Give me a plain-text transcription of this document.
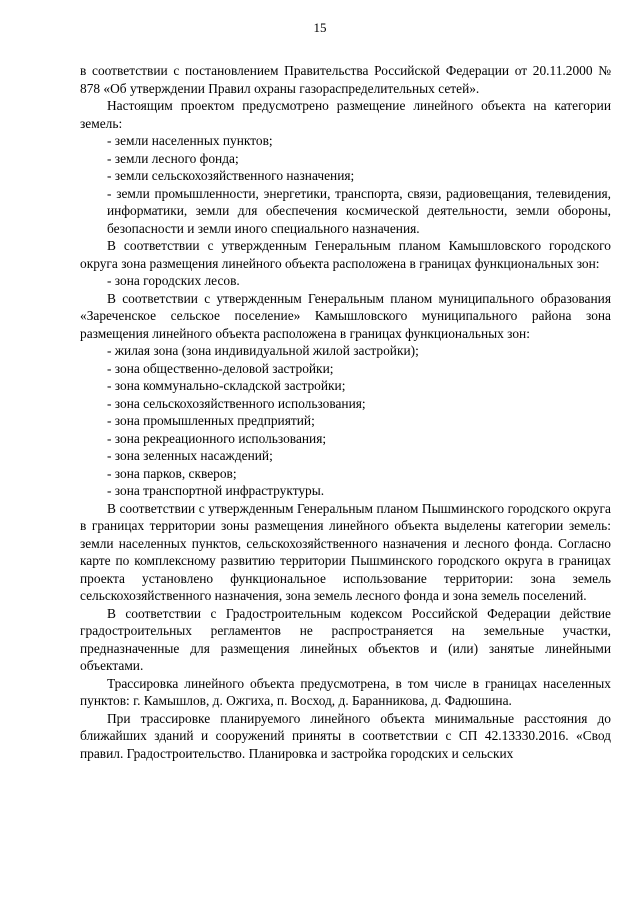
15

в соответствии с постановлением Правительства Российской Федерации от 20.11.2000 № 878 «Об утверждении Правил охраны газораспределительных сетей».

Настоящим проектом предусмотрено размещение линейного объекта на категории земель:

- земли населенных пунктов;
- земли лесного фонда;
- земли сельскохозяйственного назначения;
- земли промышленности, энергетики, транспорта, связи, радиовещания, телевидения, информатики, земли для обеспечения космической деятельности, земли обороны, безопасности и земли иного специального назначения.

В соответствии с утвержденным Генеральным планом Камышловского городского округа зона размещения линейного объекта расположена в границах функциональных зон:

- зона городских лесов.

В соответствии с утвержденным Генеральным планом муниципального образования «Зареченское сельское поселение» Камышловского муниципального района зона размещения линейного объекта расположена в границах функциональных зон:

- жилая зона (зона индивидуальной жилой застройки);
- зона общественно-деловой застройки;
- зона коммунально-складской застройки;
- зона сельскохозяйственного использования;
- зона промышленных предприятий;
- зона рекреационного использования;
- зона зеленных насаждений;
- зона парков, скверов;
- зона транспортной инфраструктуры.

В соответствии с утвержденным Генеральным планом Пышминского городского округа в границах территории зоны размещения линейного объекта выделены категории земель: земли населенных пунктов, сельскохозяйственного назначения и лесного фонда. Согласно карте по комплексному развитию территории Пышминского городского округа в границах проекта установлено функциональное использование территории: зона земель сельскохозяйственного назначения, зона земель лесного фонда и зона земель поселений.

В соответствии с Градостроительным кодексом Российской Федерации действие градостроительных регламентов не распространяется на земельные участки, предназначенные для размещения линейных объектов и (или) занятые линейными объектами.

Трассировка линейного объекта предусмотрена, в том числе в границах населенных пунктов: г. Камышлов, д. Ожгиха, п. Восход, д. Баранникова, д. Фадюшина.

При трассировке планируемого линейного объекта минимальные расстояния до ближайших зданий и сооружений приняты в соответствии с СП 42.13330.2016. «Свод правил. Градостроительство. Планировка и застройка городских и сельских
